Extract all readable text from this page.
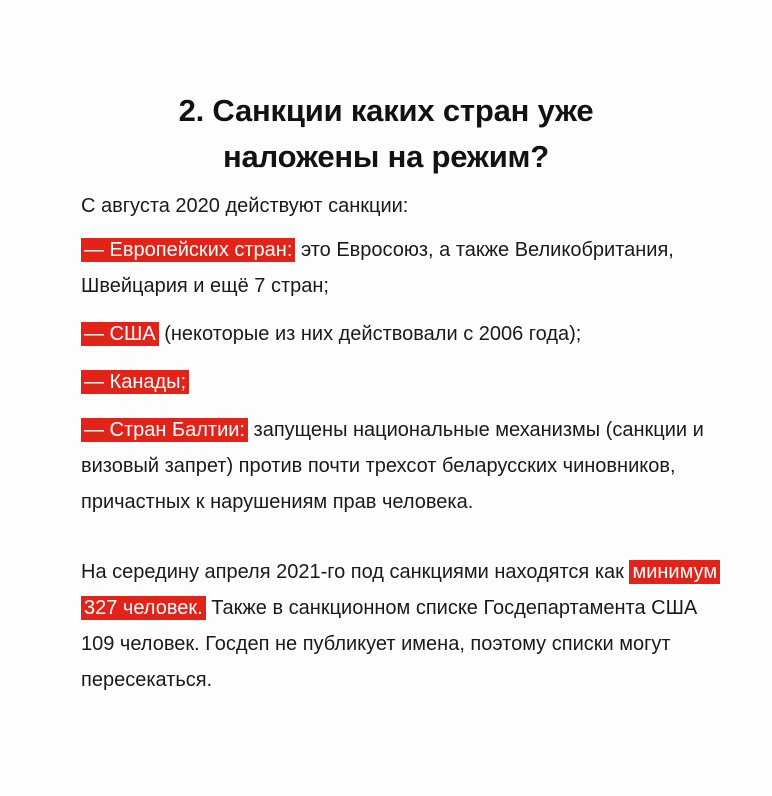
2. Санкции каких стран уже
наложены на режим?

С августа 2020 действуют санкции:

— Европейских стран: это Евросоюз, а также Великобритания, Швейцария и ещё 7 стран;

— США (некоторые из них действовали с 2006 года);

— Канады;

— Стран Балтии: запущены национальные механизмы (санкции и визовый запрет) против почти трехсот беларусских чиновников, причастных к нарушениям прав человека.

На середину апреля 2021-го под санкциями находятся как минимум 327 человек. Также в санкционном списке Госдепартамента США 109 человек. Госдеп не публикует имена, поэтому списки могут пересекаться.
